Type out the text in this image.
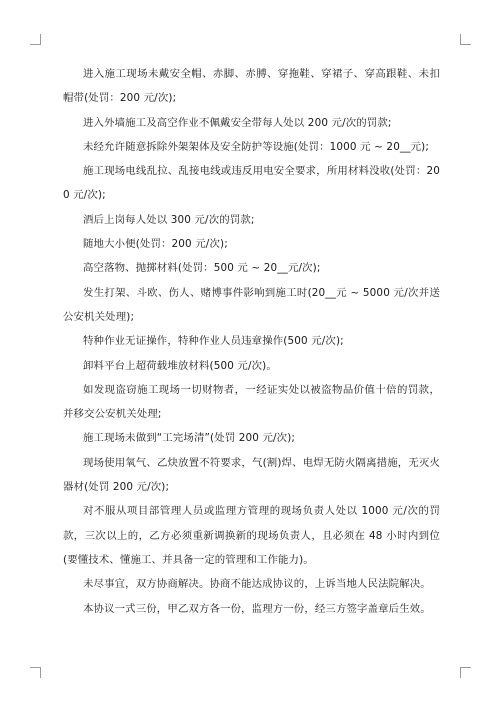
进入施工现场未戴安全帽、赤脚、赤膊、穿拖鞋、穿裙子、穿高跟鞋、未扣帽带(处罚：200 元/次);

进入外墙施工及高空作业不佩戴安全带每人处以 200 元/次的罚款;

未经允许随意拆除外架架体及安全防护等设施(处罚：1000 元 ~ 20__元);

施工现场电线乱拉、乱接电线或违反用电安全要求，所用材料没收(处罚：200 元/次);

酒后上岗每人处以 300 元/次的罚款;

随地大小便(处罚：200 元/次);

高空落物、抛掷材料(处罚：500 元 ~ 20__元/次);

发生打架、斗欧、伤人、赌博事件影响到施工时(20__元 ~ 5000 元/次并送公安机关处理);

特种作业无证操作，特种作业人员违章操作(500 元/次);

卸料平台上超荷载堆放材料(500 元/次)。

如发现盗窃施工现场一切财物者，一经证实处以被盗物品价值十倍的罚款，并移交公安机关处理;

施工现场未做到“工完场清”(处罚 200 元/次);

现场使用氧气、乙炔放置不符要求，气(割)焊、电焊无防火隔离措施，无灭火器材(处罚 200 元/次);

对不服从项目部管理人员或监理方管理的现场负责人处以 1000 元/次的罚款，三次以上的，乙方必须重新调换新的现场负责人，且必须在 48 小时内到位(要懂技术、懂施工、并具备一定的管理和工作能力)。

未尽事宜，双方协商解决。协商不能达成协议的，上诉当地人民法院解决。

本协议一式三份，甲乙双方各一份，监理方一份，经三方签字盖章后生效。
